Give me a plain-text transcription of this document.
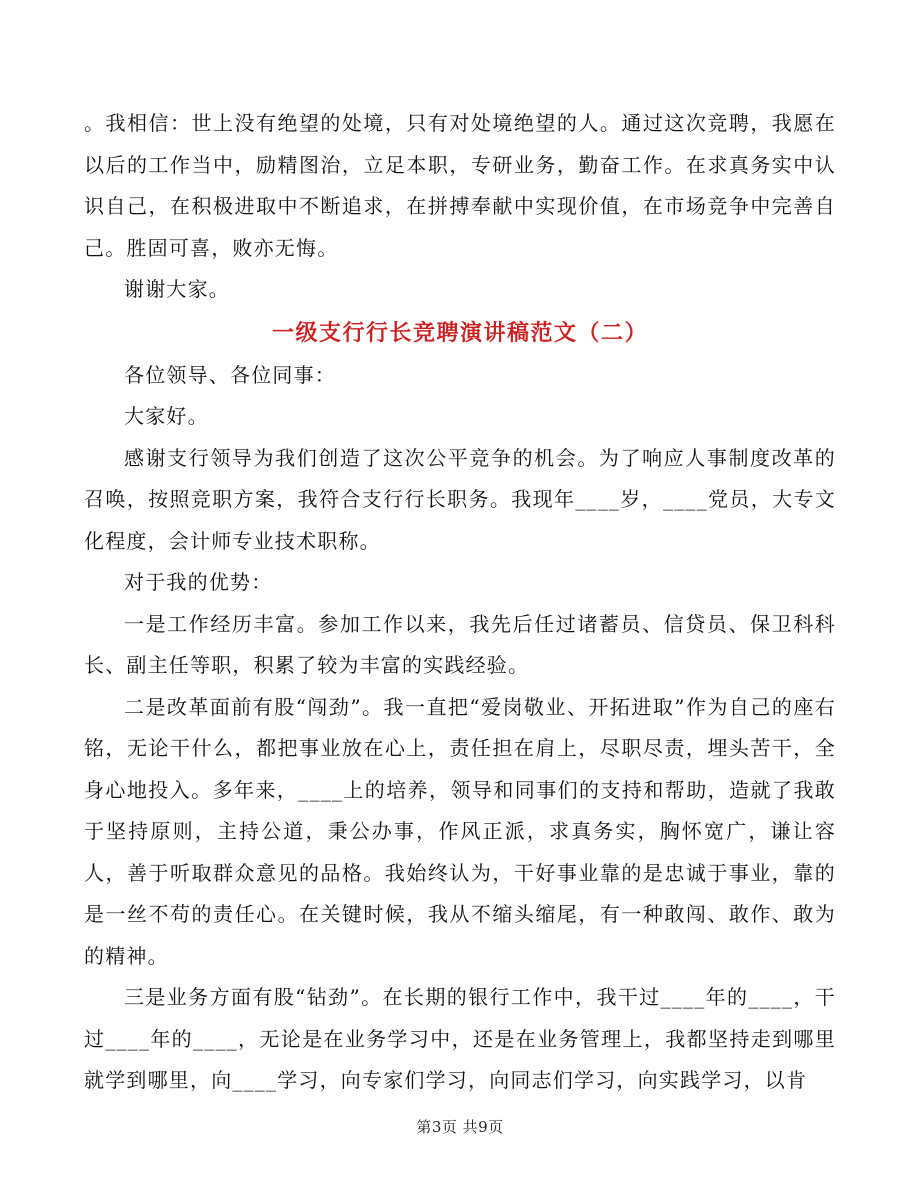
。我相信：世上没有绝望的处境，只有对处境绝望的人。通过这次竞聘，我愿在以后的工作当中，励精图治，立足本职，专研业务，勤奋工作。在求真务实中认识自己，在积极进取中不断追求，在拼搏奉献中实现价值，在市场竞争中完善自己。胜固可喜，败亦无悔。

谢谢大家。

一级支行行长竞聘演讲稿范文（二）

各位领导、各位同事：

大家好。

感谢支行领导为我们创造了这次公平竞争的机会。为了响应人事制度改革的召唤，按照竞职方案，我符合支行行长职务。我现年____岁，____党员，大专文化程度，会计师专业技术职称。

对于我的优势：

一是工作经历丰富。参加工作以来，我先后任过诸蓄员、信贷员、保卫科科长、副主任等职，积累了较为丰富的实践经验。

二是改革面前有股“闯劲”。我一直把“爱岗敬业、开拓进取”作为自己的座右铭，无论干什么，都把事业放在心上，责任担在肩上，尽职尽责，埋头苦干，全身心地投入。多年来，____上的培养，领导和同事们的支持和帮助，造就了我敢于坚持原则，主持公道，秉公办事，作风正派，求真务实，胸怀宽广，谦让容人，善于听取群众意见的品格。我始终认为，干好事业靠的是忠诚于事业，靠的是一丝不苟的责任心。在关键时候，我从不缩头缩尾，有一种敢闯、敢作、敢为的精神。

三是业务方面有股“钻劲”。在长期的银行工作中，我干过____年的____，干过____年的____，无论是在业务学习中，还是在业务管理上，我都坚持走到哪里就学到哪里，向____学习，向专家们学习，向同志们学习，向实践学习，以肯

第3页 共9页
